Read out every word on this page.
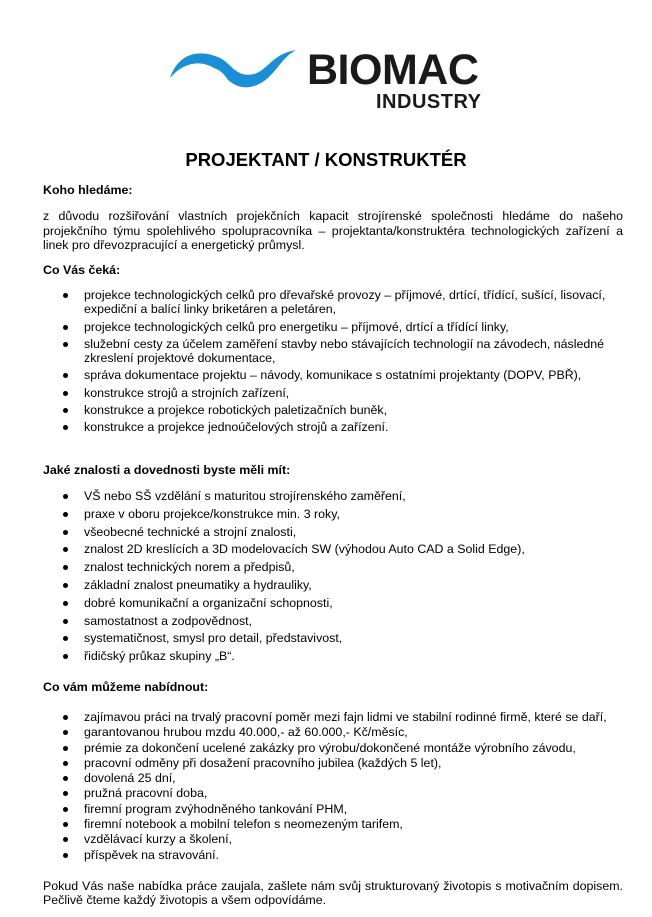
BIOMAC
INDUSTRY
PROJEKTANT / KONSTRUKTÉR
Koho hledáme:
z důvodu rozšiřování vlastních projekčních kapacit strojírenské společnosti hledáme do našeho projekčního týmu spolehlivého spolupracovníka – projektanta/konstruktéra technologických zařízení a linek pro dřevozpracující a energetický průmysl.
Co Vás čeká:
projekce technologických celků pro dřevařské provozy – příjmové, drtící, třídící, sušící, lisovací, expediční a balící linky briketáren a peletáren,
projekce technologických celků pro energetiku – příjmové, drtící a třídící linky,
služební cesty za účelem zaměření stavby nebo stávajících technologií na závodech, následné zkreslení projektové dokumentace,
správa dokumentace projektu – návody, komunikace s ostatními projektanty (DOPV, PBŘ),
konstrukce strojů a strojních zařízení,
konstrukce a projekce robotických paletizačních buněk,
konstrukce a projekce jednoúčelových strojů a zařízení.
Jaké znalosti a dovednosti byste měli mít:
VŠ nebo SŠ vzdělání s maturitou strojírenského zaměření,
praxe v oboru projekce/konstrukce min. 3 roky,
všeobecné technické a strojní znalosti,
znalost 2D kreslících a 3D modelovacích SW (výhodou Auto CAD a Solid Edge),
znalost technických norem a předpisů,
základní znalost pneumatiky a hydrauliky,
dobré komunikační a organizační schopnosti,
samostatnost a zodpovědnost,
systematičnost, smysl pro detail, představivost,
řidičský průkaz skupiny „B“.
Co vám můžeme nabídnout:
zajímavou práci na trvalý pracovní poměr mezi fajn lidmi ve stabilní rodinné firmě, které se daří,
garantovanou hrubou mzdu 40.000,- až 60.000,- Kč/měsíc,
prémie za dokončení ucelené zakázky pro výrobu/dokončené montáže výrobního závodu,
pracovní odměny při dosažení pracovního jubilea (každých 5 let),
dovolená 25 dní,
pružná pracovní doba,
firemní program zvýhodněného tankování PHM,
firemní notebook a mobilní telefon s neomezeným tarifem,
vzdělávací kurzy a školení,
příspěvek na stravování.
Pokud Vás naše nabídka práce zaujala, zašlete nám svůj strukturovaný životopis s motivačním dopisem. Pečlivě čteme každý životopis a všem odpovídáme.
